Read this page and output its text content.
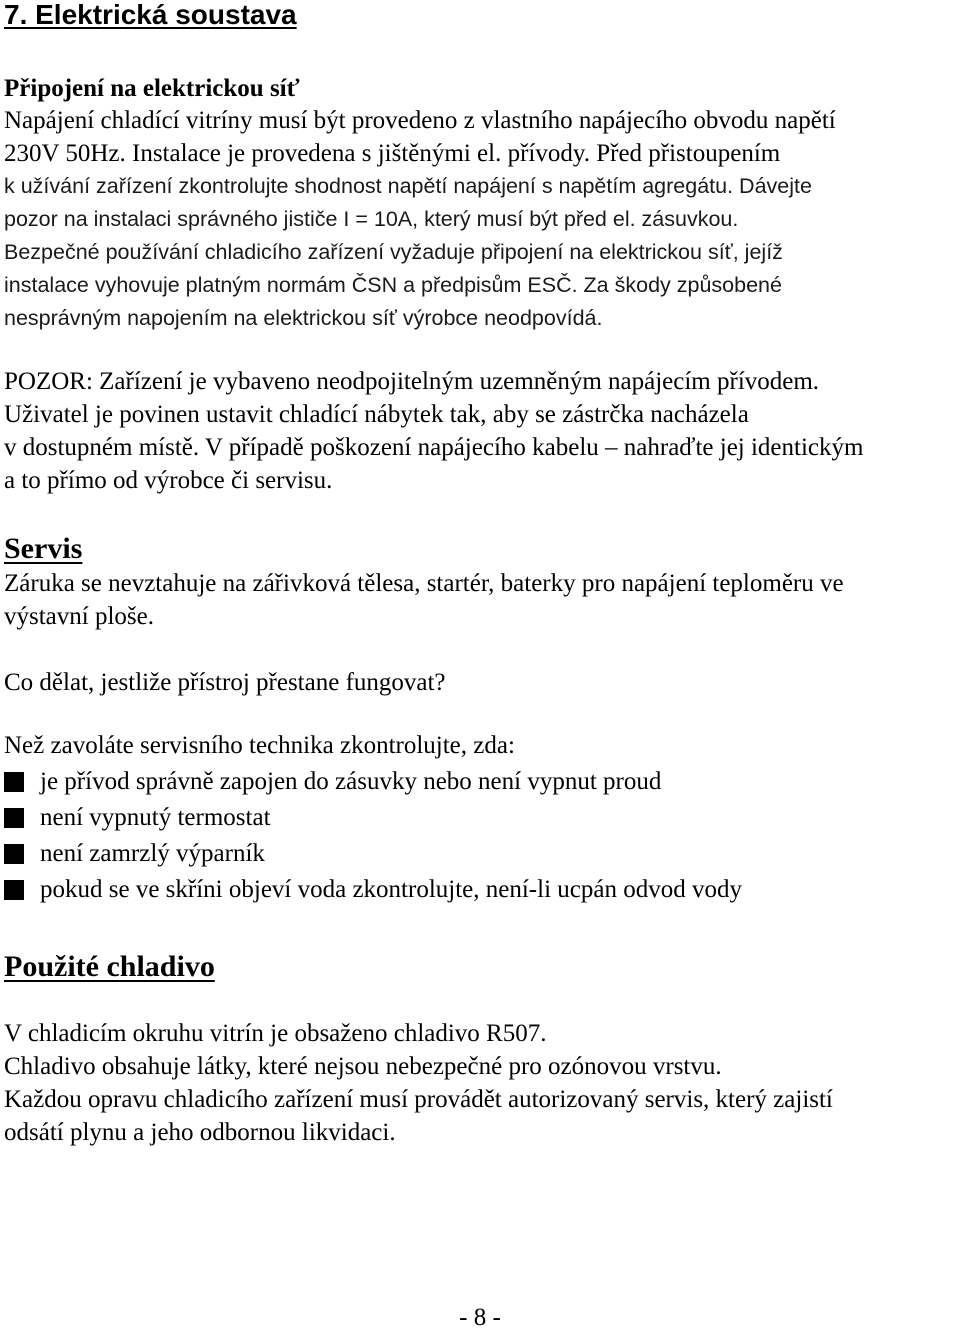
7. Elektrická soustava
Připojení na elektrickou síť
Napájení chladící vitríny musí být provedeno z vlastního napájecího obvodu napětí
230V 50Hz. Instalace je provedena s jištěnými el. přívody. Před přistoupením
k užívání zařízení zkontrolujte shodnost napětí napájení s napětím agregátu. Dávejte
pozor na instalaci správného jističe I = 10A, který musí být před el. zásuvkou.
Bezpečné používání chladicího zařízení vyžaduje připojení na elektrickou síť, jejíž
instalace vyhovuje platným normám ČSN a předpisům ESČ. Za škody způsobené
nesprávným napojením na elektrickou síť výrobce neodpovídá.
POZOR: Zařízení je vybaveno neodpojitelným uzemněným napájecím přívodem.
Uživatel je povinen ustavit chladící nábytek tak, aby se zástrčka nacházela
v dostupném místě. V případě poškození napájecího kabelu – nahraďte jej identickým
a to přímo od výrobce či servisu.
Servis
Záruka se nevztahuje na zářivková tělesa, startér, baterky pro napájení teploměru ve
výstavní ploše.

Co dělat, jestliže přístroj přestane fungovat?

Než zavoláte servisního technika zkontrolujte, zda:

je přívod správně zapojen do zásuvky nebo není vypnut proud
není vypnutý termostat
není zamrzlý výparník
pokud se ve skříni objeví voda zkontrolujte, není-li ucpán odvod vody
Použité chladivo
V chladicím okruhu vitrín je obsaženo chladivo R507.
Chladivo obsahuje látky, které nejsou nebezpečné pro ozónovou vrstvu.
Každou opravu chladicího zařízení musí provádět autorizovaný servis, který zajistí
odsátí plynu a jeho odbornou likvidaci.
- 8 -
